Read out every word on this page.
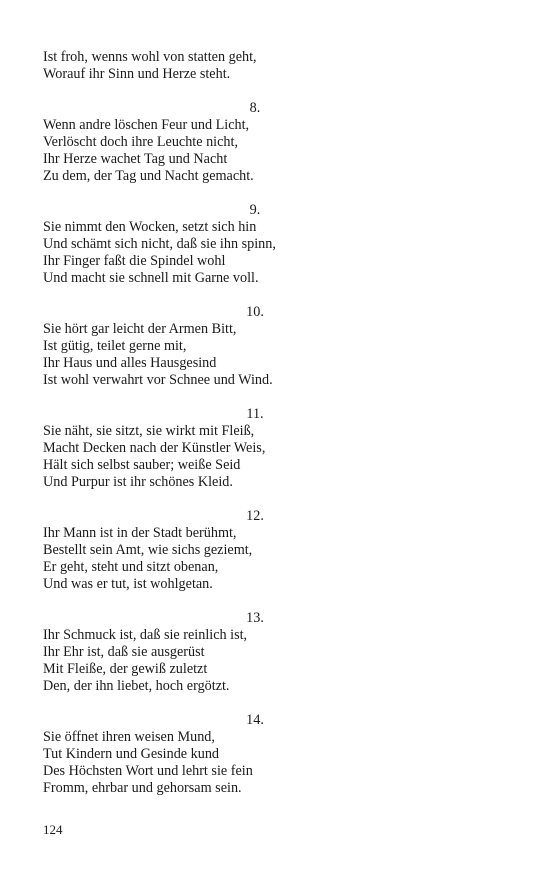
Ist froh, wenns wohl von statten geht,
Worauf ihr Sinn und Herze steht.
8.
Wenn andre löschen Feur und Licht,
Verlöscht doch ihre Leuchte nicht,
Ihr Herze wachet Tag und Nacht
Zu dem, der Tag und Nacht gemacht.
9.
Sie nimmt den Wocken, setzt sich hin
Und schämt sich nicht, daß sie ihn spinn,
Ihr Finger faßt die Spindel wohl
Und macht sie schnell mit Garne voll.
10.
Sie hört gar leicht der Armen Bitt,
Ist gütig, teilet gerne mit,
Ihr Haus und alles Hausgesind
Ist wohl verwahrt vor Schnee und Wind.
11.
Sie näht, sie sitzt, sie wirkt mit Fleiß,
Macht Decken nach der Künstler Weis,
Hält sich selbst sauber; weiße Seid
Und Purpur ist ihr schönes Kleid.
12.
Ihr Mann ist in der Stadt berühmt,
Bestellt sein Amt, wie sichs geziemt,
Er geht, steht und sitzt obenan,
Und was er tut, ist wohlgetan.
13.
Ihr Schmuck ist, daß sie reinlich ist,
Ihr Ehr ist, daß sie ausgerüst
Mit Fleiße, der gewiß zuletzt
Den, der ihn liebet, hoch ergötzt.
14.
Sie öffnet ihren weisen Mund,
Tut Kindern und Gesinde kund
Des Höchsten Wort und lehrt sie fein
Fromm, ehrbar und gehorsam sein.
124
